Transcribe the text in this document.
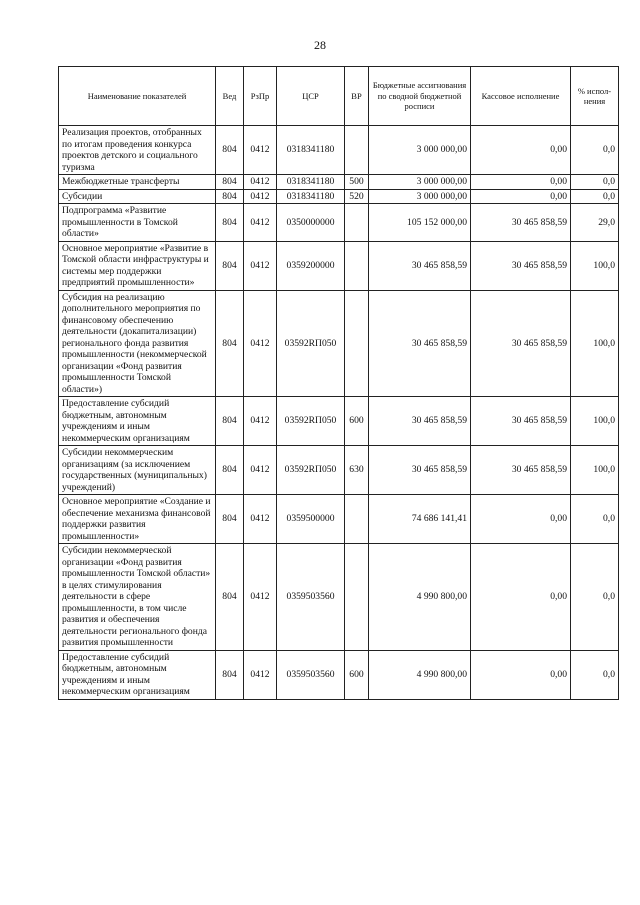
28
Наименование показателей	Вед	РзПр	ЦСР	ВР	Бюджетные ассигнования по сводной бюджетной росписи	Кассовое исполнение	% испол-нения
Реализация проектов, отобранных по итогам проведения конкурса проектов детского и социального туризма	804	0412	0318341180		3 000 000,00	0,00	0,0
Межбюджетные трансферты	804	0412	0318341180	500	3 000 000,00	0,00	0,0
Субсидии	804	0412	0318341180	520	3 000 000,00	0,00	0,0
Подпрограмма «Развитие промышленности в Томской области»	804	0412	0350000000		105 152 000,00	30 465 858,59	29,0
Основное мероприятие «Развитие в Томской области инфраструктуры и системы мер поддержки предприятий промышленности»	804	0412	0359200000		30 465 858,59	30 465 858,59	100,0
Субсидия на реализацию дополнительного мероприятия по финансовому обеспечению деятельности (докапитализации) регионального фонда развития промышленности (некоммерческой организации «Фонд развития промышленности Томской области»)	804	0412	03592RП050		30 465 858,59	30 465 858,59	100,0
Предоставление субсидий бюджетным, автономным учреждениям и иным некоммерческим организациям	804	0412	03592RП050	600	30 465 858,59	30 465 858,59	100,0
Субсидии некоммерческим организациям (за исключением государственных (муниципальных) учреждений)	804	0412	03592RП050	630	30 465 858,59	30 465 858,59	100,0
Основное мероприятие «Создание и обеспечение механизма финансовой поддержки развития промышленности»	804	0412	0359500000		74 686 141,41	0,00	0,0
Субсидии некоммерческой организации «Фонд развития промышленности Томской области» в целях стимулирования деятельности в сфере промышленности, в том числе развития и обеспечения деятельности регионального фонда развития промышленности	804	0412	0359503560		4 990 800,00	0,00	0,0
Предоставление субсидий бюджетным, автономным учреждениям и иным некоммерческим организациям	804	0412	0359503560	600	4 990 800,00	0,00	0,0
